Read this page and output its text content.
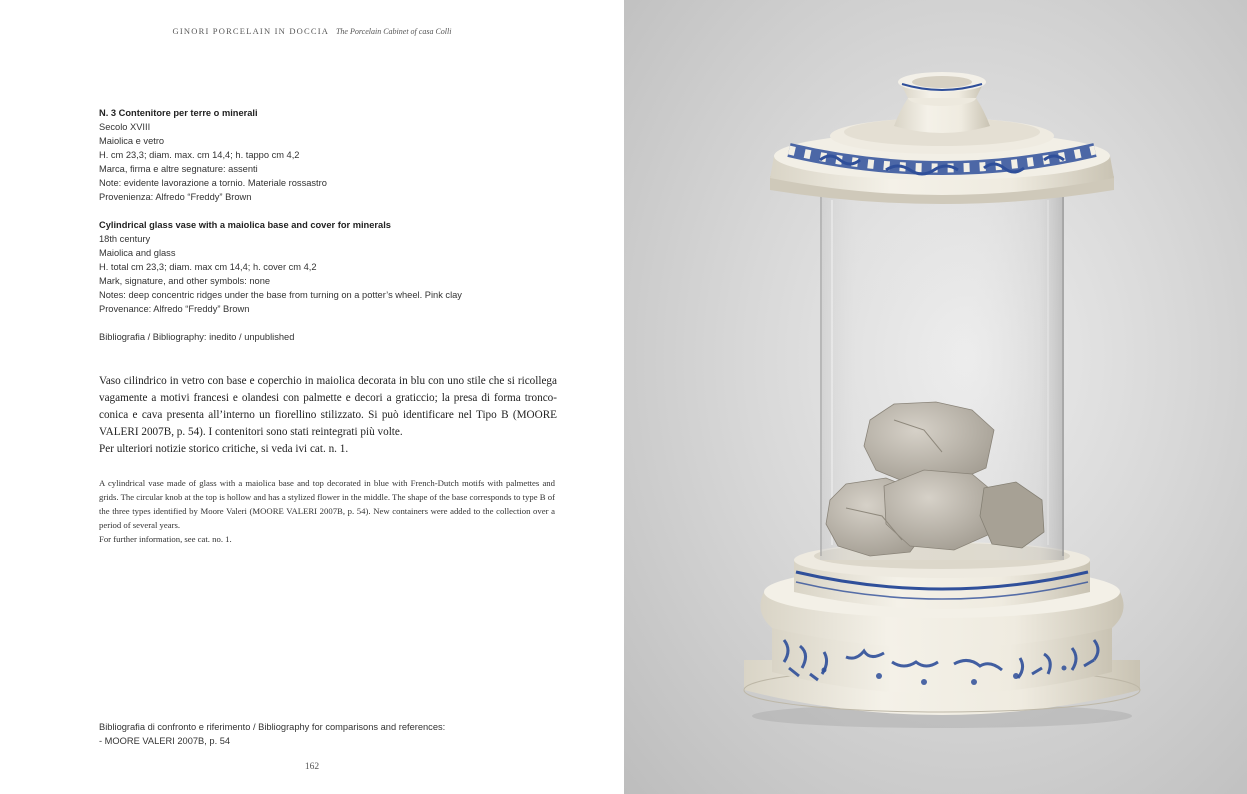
GINORI PORCELAIN IN DOCCIA The Porcelain Cabinet of casa Colli
N. 3 Contenitore per terre o minerali
Secolo XVIII
Maiolica e vetro
H. cm 23,3; diam. max. cm 14,4; h. tappo cm 4,2
Marca, firma e altre segnature: assenti
Note: evidente lavorazione a tornio. Materiale rossastro
Provenienza: Alfredo “Freddy” Brown
Cylindrical glass vase with a maiolica base and cover for minerals
18th century
Maiolica and glass
H. total cm 23,3; diam. max cm 14,4; h. cover cm 4,2
Mark, signature, and other symbols: none
Notes: deep concentric ridges under the base from turning on a potter’s wheel. Pink clay
Provenance: Alfredo “Freddy” Brown
Bibliografia / Bibliography: inedito / unpublished

Vaso cilindrico in vetro con base e coperchio in maiolica decorata in blu con uno stile che si ricollega vagamente a motivi francesi e olandesi con palmette e decori a graticcio; la presa di forma tronco-conica e cava presenta all’interno un fiorellino stilizzato. Si può identificare nel Tipo B (MOORE VALERI 2007B, p. 54). I contenitori sono stati reintegrati più volte.

Per ulteriori notizie storico critiche, si veda ivi cat. n. 1.

A cylindrical vase made of glass with a maiolica base and top decorated in blue with French-Dutch motifs with palmettes and grids. The circular knob at the top is hollow and has a stylized flower in the middle. The shape of the base corresponds to type B of the three types identified by Moore Valeri (MOORE VALERI 2007B, p. 54). New containers were added to the collection over a period of several years.

For further information, see cat. no. 1.

Bibliografia di confronto e riferimento / Bibliography for comparisons and references:
- MOORE VALERI 2007B, p. 54
162
